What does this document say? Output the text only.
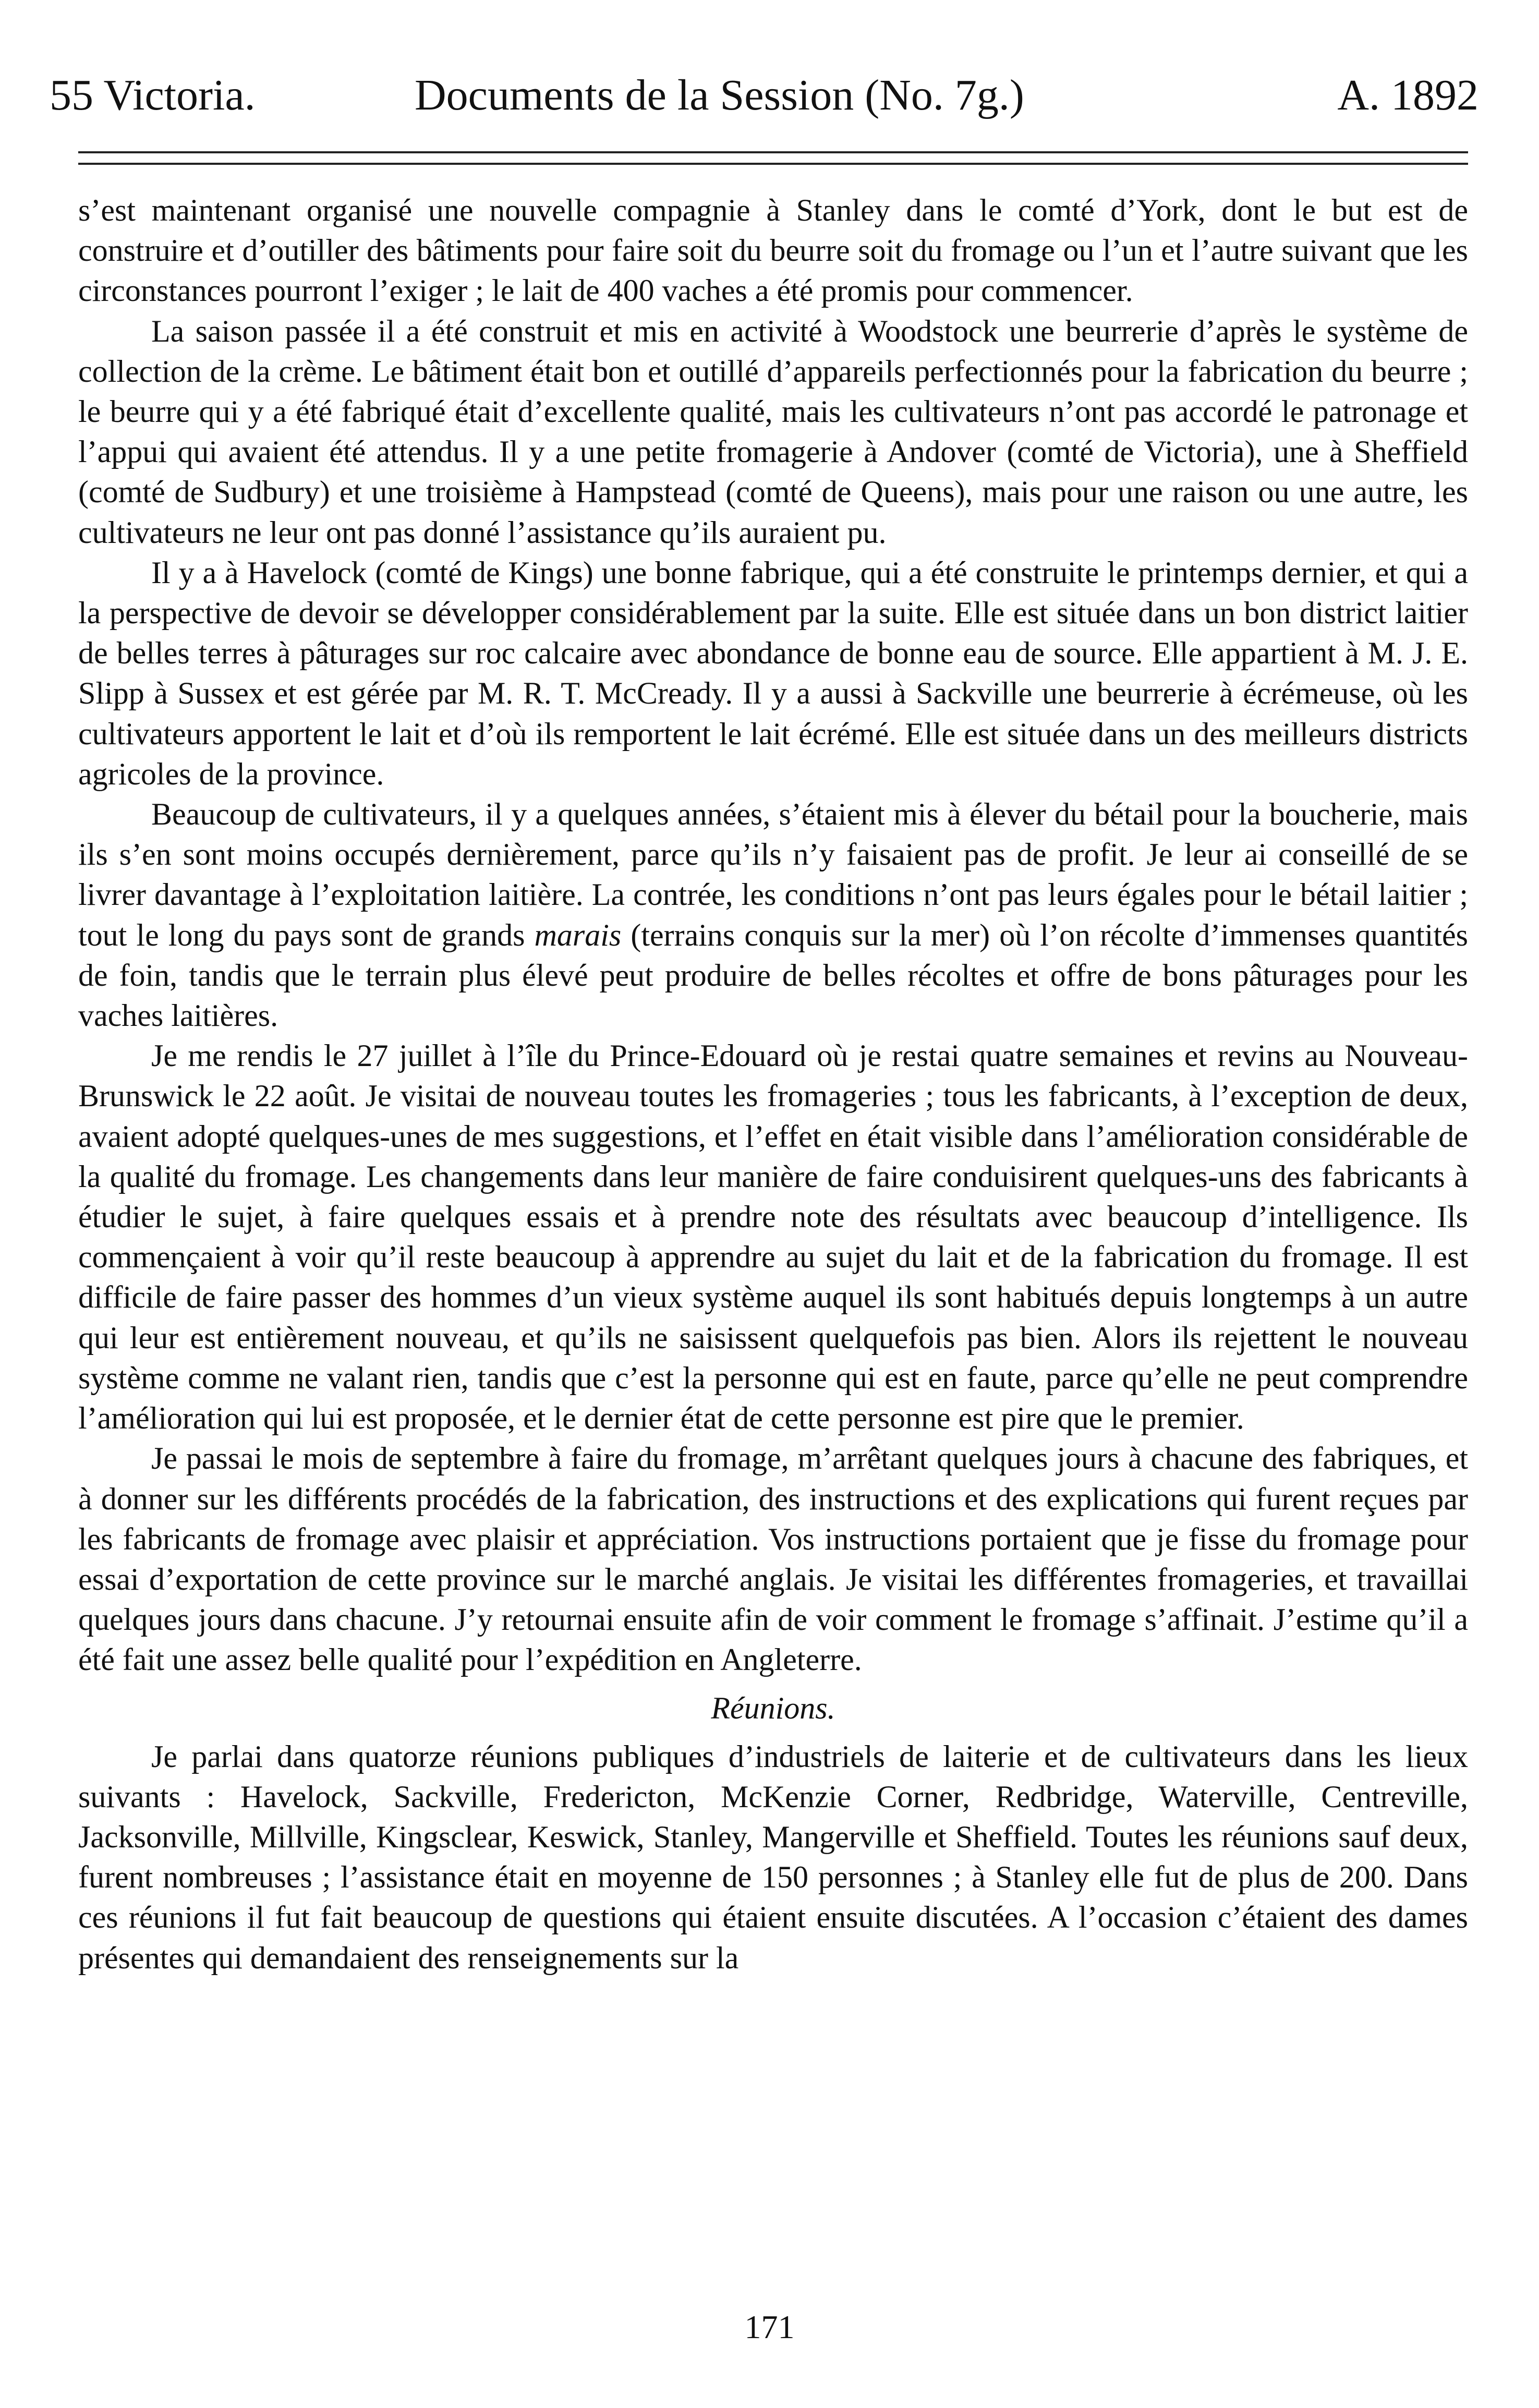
55 Victoria.	Documents de la Session (No. 7g.)	A. 1892

s’est maintenant organisé une nouvelle compagnie à Stanley dans le comté d’York, dont le but est de construire et d’outiller des bâtiments pour faire soit du beurre soit du fromage ou l’un et l’autre suivant que les circonstances pourront l’exiger ; le lait de 400 vaches a été promis pour commencer.

La saison passée il a été construit et mis en activité à Woodstock une beurrerie d’après le système de collection de la crème. Le bâtiment était bon et outillé d’appareils perfectionnés pour la fabrication du beurre ; le beurre qui y a été fabriqué était d’excellente qualité, mais les cultivateurs n’ont pas accordé le patronage et l’appui qui avaient été attendus. Il y a une petite fromagerie à Andover (comté de Victoria), une à Sheffield (comté de Sudbury) et une troisième à Hampstead (comté de Queens), mais pour une raison ou une autre, les cultivateurs ne leur ont pas donné l’assistance qu’ils auraient pu.

Il y a à Havelock (comté de Kings) une bonne fabrique, qui a été construite le printemps dernier, et qui a la perspective de devoir se développer considérablement par la suite. Elle est située dans un bon district laitier de belles terres à pâturages sur roc calcaire avec abondance de bonne eau de source. Elle appartient à M. J. E. Slipp à Sussex et est gérée par M. R. T. McCready. Il y a aussi à Sackville une beurrerie à écrémeuse, où les cultivateurs apportent le lait et d’où ils remportent le lait écrémé. Elle est située dans un des meilleurs districts agricoles de la province.

Beaucoup de cultivateurs, il y a quelques années, s’étaient mis à élever du bétail pour la boucherie, mais ils s’en sont moins occupés dernièrement, parce qu’ils n’y faisaient pas de profit. Je leur ai conseillé de se livrer davantage à l’exploitation laitière. La contrée, les conditions n’ont pas leurs égales pour le bétail laitier ; tout le long du pays sont de grands marais (terrains conquis sur la mer) où l’on récolte d’immenses quantités de foin, tandis que le terrain plus élevé peut produire de belles récoltes et offre de bons pâturages pour les vaches laitières.

Je me rendis le 27 juillet à l’île du Prince-Edouard où je restai quatre semaines et revins au Nouveau-Brunswick le 22 août. Je visitai de nouveau toutes les fromageries ; tous les fabricants, à l’exception de deux, avaient adopté quelques-unes de mes suggestions, et l’effet en était visible dans l’amélioration considérable de la qualité du fromage. Les changements dans leur manière de faire conduisirent quelques-uns des fabricants à étudier le sujet, à faire quelques essais et à prendre note des résultats avec beaucoup d’intelligence. Ils commençaient à voir qu’il reste beaucoup à apprendre au sujet du lait et de la fabrication du fromage. Il est difficile de faire passer des hommes d’un vieux système auquel ils sont habitués depuis longtemps à un autre qui leur est entièrement nouveau, et qu’ils ne saisissent quelquefois pas bien. Alors ils rejettent le nouveau système comme ne valant rien, tandis que c’est la personne qui est en faute, parce qu’elle ne peut comprendre l’amélioration qui lui est proposée, et le dernier état de cette personne est pire que le premier.

Je passai le mois de septembre à faire du fromage, m’arrêtant quelques jours à chacune des fabriques, et à donner sur les différents procédés de la fabrication, des instructions et des explications qui furent reçues par les fabricants de fromage avec plaisir et appréciation. Vos instructions portaient que je fisse du fromage pour essai d’exportation de cette province sur le marché anglais. Je visitai les différentes fromageries, et travaillai quelques jours dans chacune. J’y retournai ensuite afin de voir comment le fromage s’affinait. J’estime qu’il a été fait une assez belle qualité pour l’expédition en Angleterre.

Réunions.

Je parlai dans quatorze réunions publiques d’industriels de laiterie et de cultivateurs dans les lieux suivants : Havelock, Sackville, Fredericton, McKenzie Corner, Redbridge, Waterville, Centreville, Jacksonville, Millville, Kingsclear, Keswick, Stanley, Mangerville et Sheffield. Toutes les réunions sauf deux, furent nombreuses ; l’assistance était en moyenne de 150 personnes ; à Stanley elle fut de plus de 200. Dans ces réunions il fut fait beaucoup de questions qui étaient ensuite discutées. A l’occasion c’étaient des dames présentes qui demandaient des renseignements sur la

171
